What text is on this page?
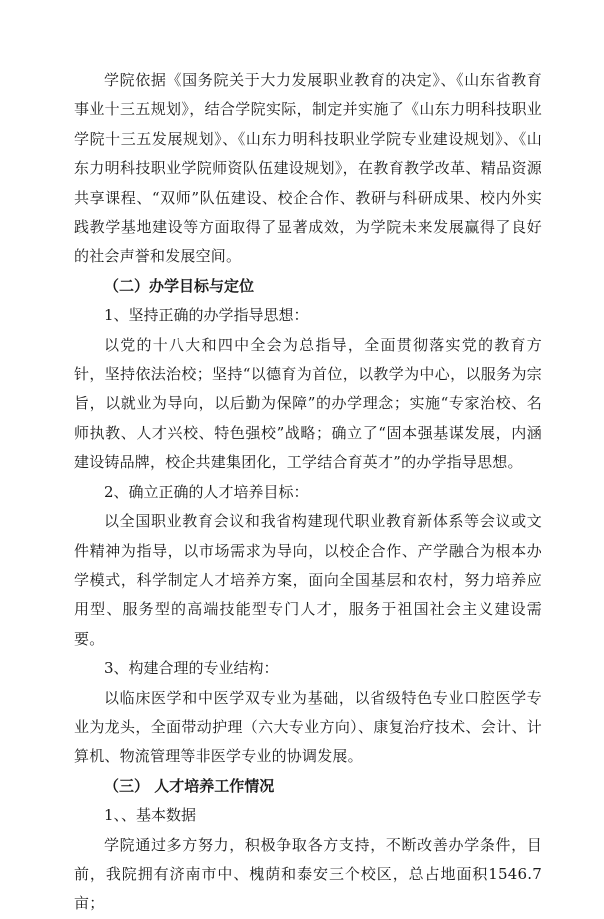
学院依据《国务院关于大力发展职业教育的决定》、《山东省教育事业十三五规划》，结合学院实际，制定并实施了《山东力明科技职业学院十三五发展规划》、《山东力明科技职业学院专业建设规划》、《山东力明科技职业学院师资队伍建设规划》，在教育教学改革、精品资源共享课程、“双师”队伍建设、校企合作、教研与科研成果、校内外实践教学基地建设等方面取得了显著成效，为学院未来发展赢得了良好的社会声誉和发展空间。

（二）办学目标与定位

1、坚持正确的办学指导思想：

以党的十八大和四中全会为总指导，全面贯彻落实党的教育方针，坚持依法治校；坚持“以德育为首位，以教学为中心，以服务为宗旨，以就业为导向，以后勤为保障”的办学理念；实施“专家治校、名师执教、人才兴校、特色强校”战略；确立了“固本强基谋发展，内涵建设铸品牌，校企共建集团化，工学结合育英才”的办学指导思想。

2、确立正确的人才培养目标：

以全国职业教育会议和我省构建现代职业教育新体系等会议或文件精神为指导，以市场需求为导向，以校企合作、产学融合为根本办学模式，科学制定人才培养方案，面向全国基层和农村，努力培养应用型、服务型的高端技能型专门人才，服务于祖国社会主义建设需要。

3、构建合理的专业结构：

以临床医学和中医学双专业为基础，以省级特色专业口腔医学专业为龙头，全面带动护理（六大专业方向）、康复治疗技术、会计、计算机、物流管理等非医学专业的协调发展。

（三） 人才培养工作情况

1、、基本数据

学院通过多方努力，积极争取各方支持，不断改善办学条件，目前，我院拥有济南市中、槐荫和泰安三个校区，总占地面积1546.7亩；
